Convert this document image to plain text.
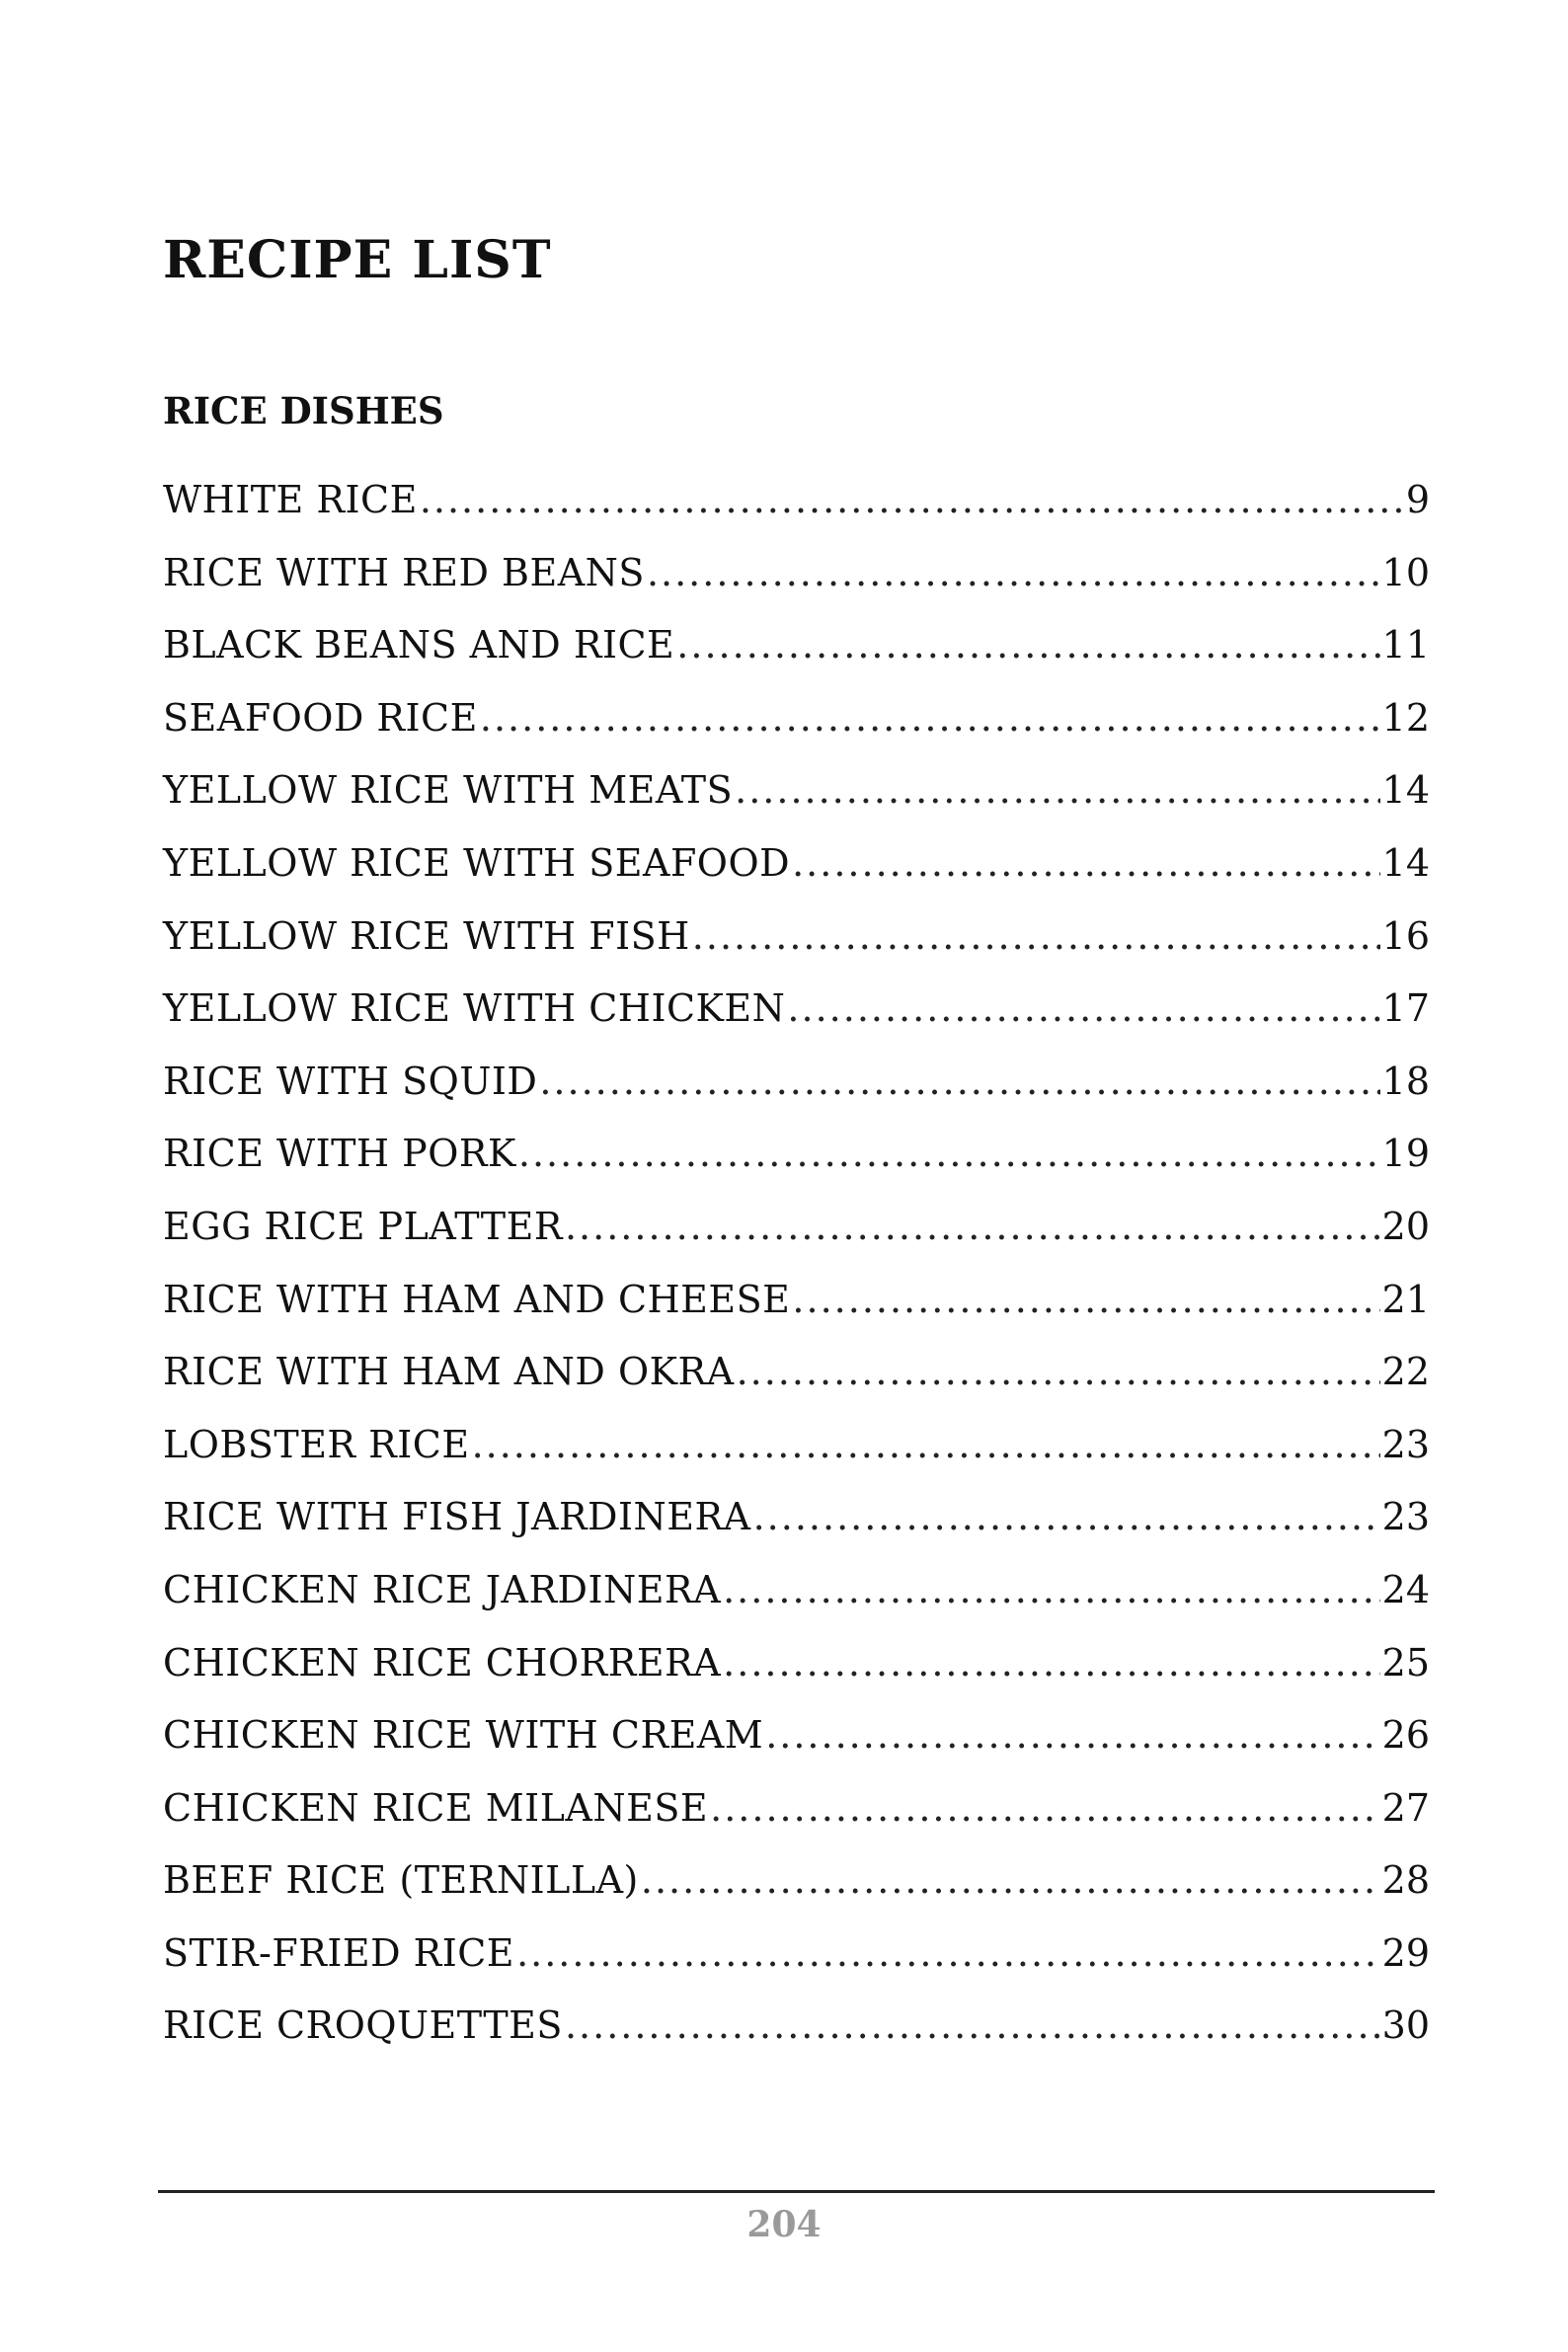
RECIPE LIST
RICE DISHES
WHITE RICE .....	9
RICE WITH RED BEANS .....	10
BLACK BEANS AND RICE .....	11
SEAFOOD RICE .....	12
YELLOW RICE WITH MEATS .....	14
YELLOW RICE WITH SEAFOOD .....	14
YELLOW RICE WITH FISH .....	16
YELLOW RICE WITH CHICKEN .....	17
RICE WITH SQUID .....	18
RICE WITH PORK .....	19
EGG RICE PLATTER .....	20
RICE WITH HAM AND CHEESE .....	21
RICE WITH HAM AND OKRA .....	22
LOBSTER RICE .....	23
RICE WITH FISH JARDINERA .....	23
CHICKEN RICE JARDINERA .....	24
CHICKEN RICE CHORRERA .....	25
CHICKEN RICE WITH CREAM .....	26
CHICKEN RICE MILANESE .....	27
BEEF RICE (TERNILLA) .....	28
STIR-FRIED RICE .....	29
RICE CROQUETTES .....	30
204
